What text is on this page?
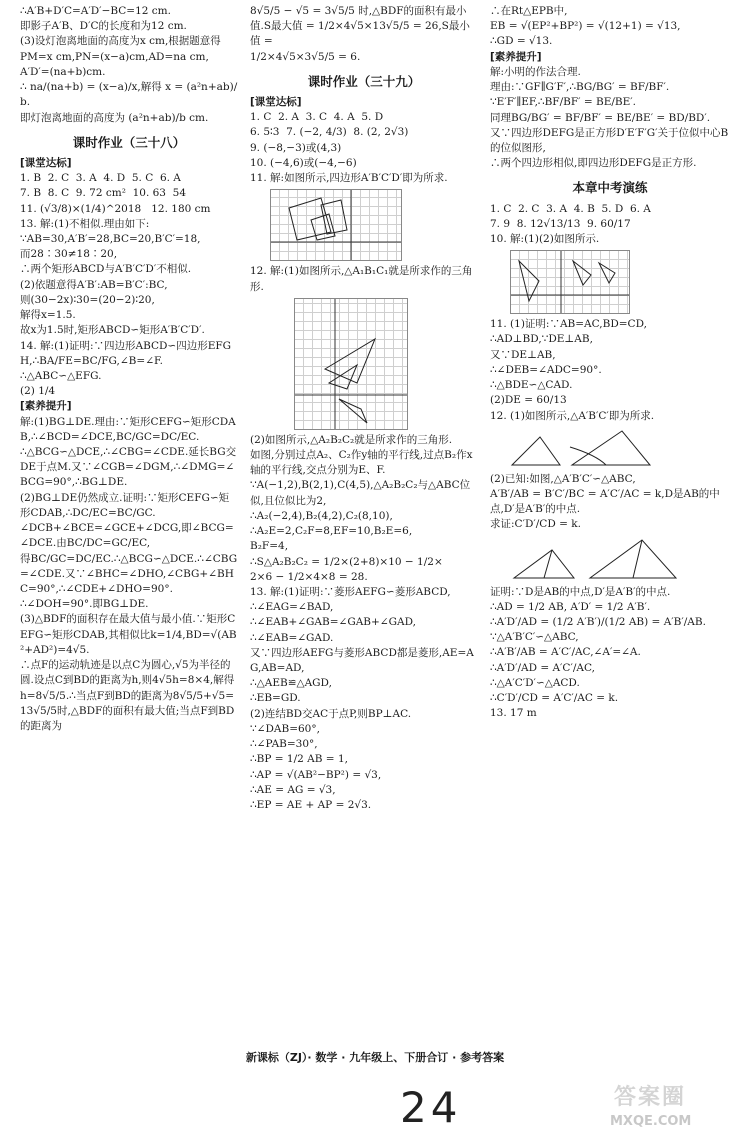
∴A′B+D′C=A′D′−BC=12 cm.
即影子A′B、D′C的长度和为12 cm.
(3)设灯泡离地面的高度为x cm,根据题意得
PM=x cm,PN=(x−a)cm,AD=na cm,
A′D′=(na+b)cm.
∴ na/(na+b) = (x−a)/x,解得 x = (a²n+ab)/b.
即灯泡离地面的高度为 (a²n+ab)/b cm.
课时作业（三十八）
[课堂达标]
1. B  2. C  3. A  4. D  5. C  6. A
7. B  8. C  9. 72 cm²  10. 63  54
11. (√3/8)×(1/4)^2018   12. 180 cm
13. 解:(1)不相似.理由如下:
∵AB=30,A′B′=28,BC=20,B′C′=18,
而28∶30≠18∶20,
∴两个矩形ABCD与A′B′C′D′不相似.
(2)依题意得A′B′:AB=B′C′:BC,
则(30−2x)∶30=(20−2)∶20,
解得x=1.5.
故x为1.5时,矩形ABCD∽矩形A′B′C′D′.
14. 解:(1)证明:∵四边形ABCD∽四边形EFGH,∴BA/FE=BC/FG,∠B=∠F.
∴△ABC∽△EFG.
(2) 1/4
[素养提升]
解:(1)BG⊥DE.理由:∵矩形CEFG∽矩形CDAB,∴∠BCD=∠DCE,BC/GC=DC/EC.
∴△BCG∽△DCE,∴∠CBG=∠CDE.延长BG交DE于点M.又∵∠CGB=∠DGM,∴∠DMG=∠BCG=90°,∴BG⊥DE.
(2)BG⊥DE仍然成立.证明:∵矩形CEFG∽矩形CDAB,∴DC/EC=BC/GC.
∠DCB+∠BCE=∠GCE+∠DCG,即∠BCG=∠DCE.由BC/DC=GC/EC,
得BC/GC=DC/EC.∴△BCG∽△DCE.∴∠CBG=∠CDE.又∵∠BHC=∠DHO,∠CBG+∠BHC=90°,∴∠CDE+∠DHO=90°.
∴∠DOH=90°.即BG⊥DE.
(3)△BDF的面积存在最大值与最小值.∵矩形CEFG∽矩形CDAB,其相似比k=1/4,BD=√(AB²+AD²)=4√5.
∴点F的运动轨迹是以点C为圆心,√5为半径的圆.设点C到BD的距离为h,则4√5h=8×4,解得h=8√5/5.∴当点F到BD的距离为8√5/5+√5=13√5/5时,△BDF的面积有最大值;当点F到BD的距离为
8√5/5 − √5 = 3√5/5 时,△BDF的面积有最小值.S最大值 = 1/2×4√5×13√5/5 = 26,S最小值 =
1/2×4√5×3√5/5 = 6.
课时作业（三十九）
[课堂达标]
1. C  2. A  3. C  4. A  5. D
6. 5∶3  7. (−2, 4/3)  8. (2, 2√3)
9. (−8,−3)或(4,3)
10. (−4,6)或(−4,−6)
11. 解:如图所示,四边形A′B′C′D′即为所求.
12. 解:(1)如图所示,△A₁B₁C₁就是所求作的三角形.
(2)如图所示,△A₂B₂C₂就是所求作的三角形.
如图,分别过点A₂、C₂作y轴的平行线,过点B₂作x轴的平行线,交点分别为E、F.
∵A(−1,2),B(2,1),C(4,5),△A₂B₂C₂与△ABC位似,且位似比为2,
∴A₂(−2,4),B₂(4,2),C₂(8,10),
∴A₂E=2,C₂F=8,EF=10,B₂E=6,
B₂F=4,
∴S△A₂B₂C₂ = 1/2×(2+8)×10 − 1/2×
2×6 − 1/2×4×8 = 28.
13. 解:(1)证明:∵菱形AEFG∽菱形ABCD,
∴∠EAG=∠BAD,
∴∠EAB+∠GAB=∠GAB+∠GAD,
∴∠EAB=∠GAD.
又∵四边形AEFG与菱形ABCD都是菱形,AE=AG,AB=AD,
∴△AEB≌△AGD,
∴EB=GD.
(2)连结BD交AC于点P,则BP⊥AC.
∵∠DAB=60°,
∴∠PAB=30°,
∴BP = 1/2 AB = 1,
∴AP = √(AB²−BP²) = √3,
∴AE = AG = √3,
∴EP = AE + AP = 2√3.
∴在Rt△EPB中,
EB = √(EP²+BP²) = √(12+1) = √13,
∴GD = √13.
[素养提升]
解:小明的作法合理.
理由:∵GF∥G′F′,∴BG/BG′ = BF/BF′.
∵E′F′∥EF,∴BF/BF′ = BE/BE′.
同理BG/BG′ = BF/BF′ = BE/BE′ = BD/BD′.
又∵四边形DEFG是正方形D′E′F′G′关于位似中心B的位似图形,
∴两个四边形相似,即四边形DEFG是正方形.
本章中考演练
1. C  2. C  3. A  4. B  5. D  6. A
7. 9  8. 12√13/13  9. 60/17
10. 解:(1)(2)如图所示.
11. (1)证明:∵AB=AC,BD=CD,
∴AD⊥BD,∵DE⊥AB,
又∵DE⊥AB,
∴∠DEB=∠ADC=90°.
∴△BDE∽△CAD.
(2)DE = 60/13
12. (1)如图所示,△A′B′C′即为所求.
(2)已知:如图,△A′B′C′∽△ABC,
A′B′/AB = B′C′/BC = A′C′/AC = k,D是AB的中点,D′是A′B′的中点.
求证:C′D′/CD = k.
证明:∵D是AB的中点,D′是A′B′的中点.
∴AD = 1/2 AB, A′D′ = 1/2 A′B′.
∴A′D′/AD = (1/2 A′B′)/(1/2 AB) = A′B′/AB.
∵△A′B′C′∽△ABC,
∴A′B′/AB = A′C′/AC,∠A′=∠A.
∴A′D′/AD = A′C′/AC,
∴△A′C′D′∽△ACD.
∴C′D′/CD = A′C′/AC = k.
13. 17 m
新课标（ZJ）· 数学 · 九年级上、下册合订 · 参考答案
24	答案圈
MXQE.COM
